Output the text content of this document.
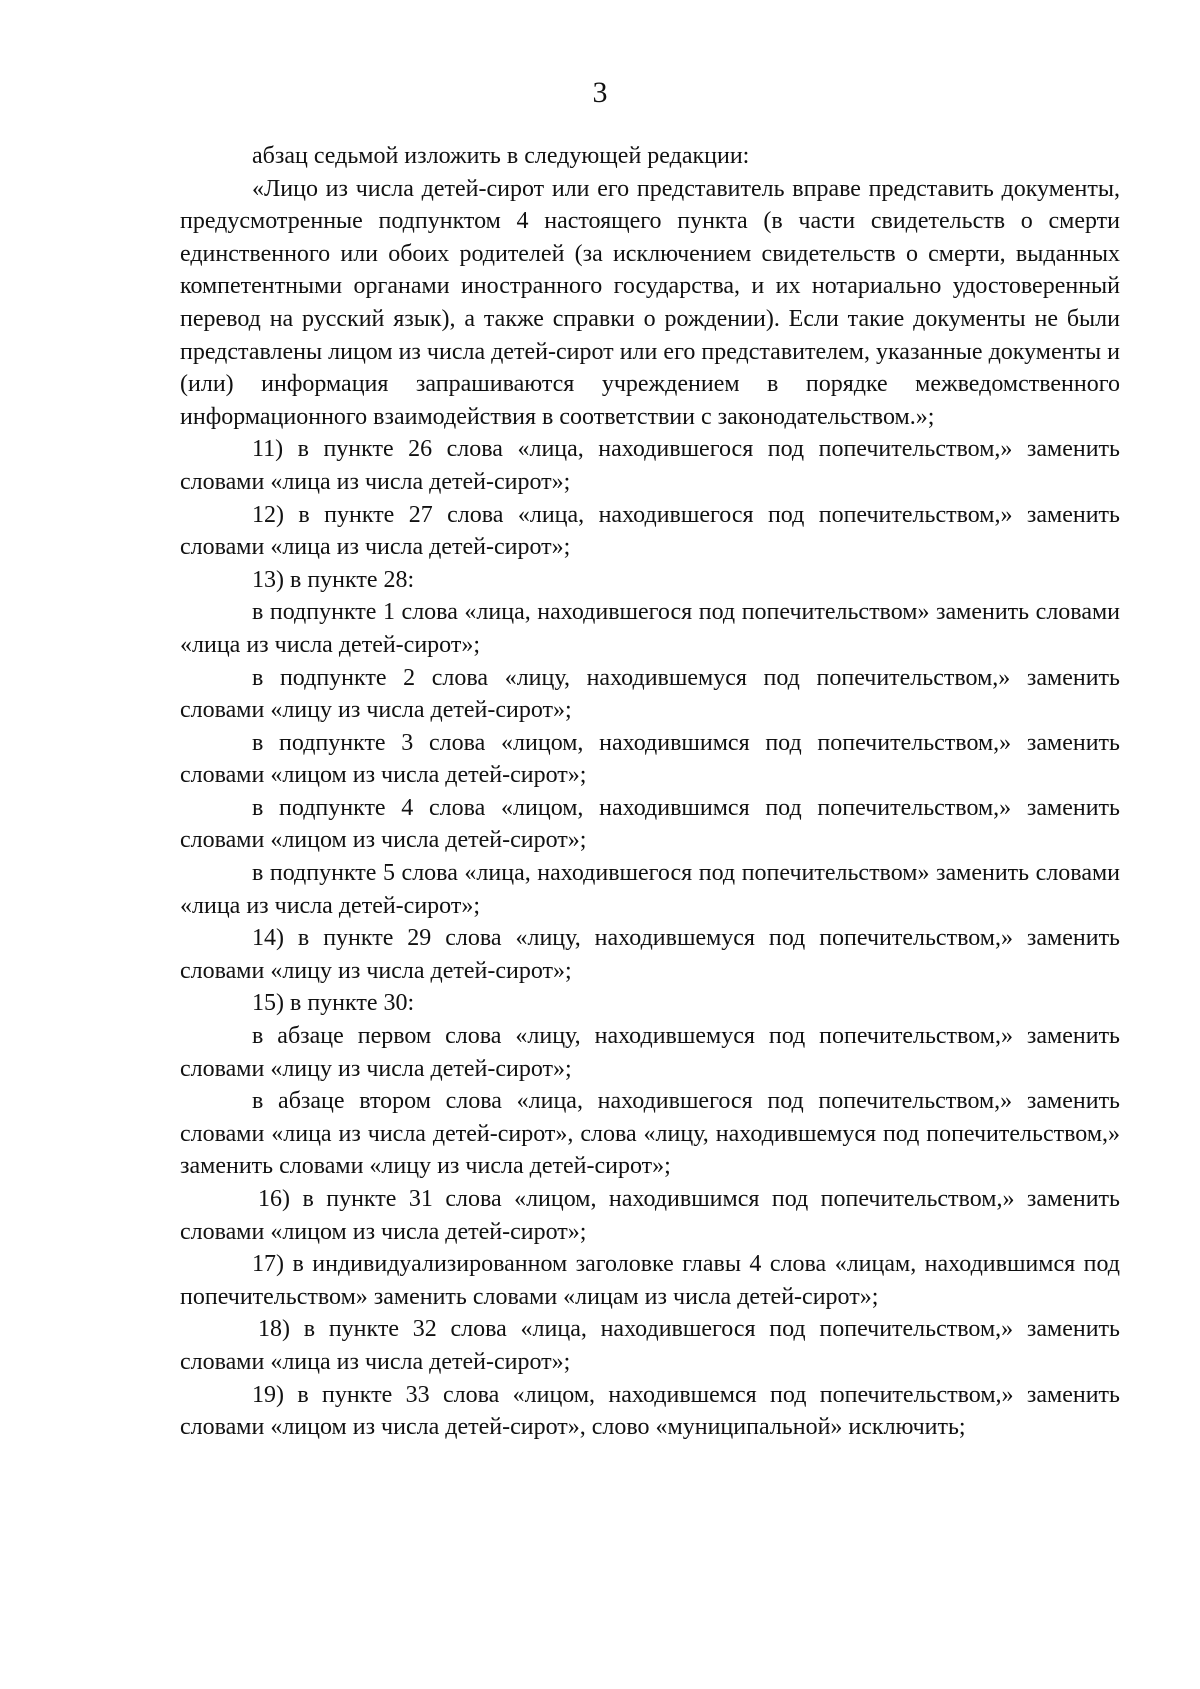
3

абзац седьмой изложить в следующей редакции:

«Лицо из числа детей-сирот или его представитель вправе представить документы, предусмотренные подпунктом 4 настоящего пункта (в части свидетельств о смерти единственного или обоих родителей (за исключением свидетельств о смерти, выданных компетентными органами иностранного государства, и их нотариально удостоверенный перевод на русский язык), а также справки о рождении). Если такие документы не были представлены лицом из числа детей-сирот или его представителем, указанные документы и (или) информация запрашиваются учреждением в порядке межведомственного информационного взаимодействия в соответствии с законодательством.»;

11) в пункте 26 слова «лица, находившегося под попечительством,» заменить словами «лица из числа детей-сирот»;

12) в пункте 27 слова «лица, находившегося под попечительством,» заменить словами «лица из числа детей-сирот»;

13) в пункте 28:

в подпункте 1 слова «лица, находившегося под попечительством» заменить словами «лица из числа детей-сирот»;

в подпункте 2 слова «лицу, находившемуся под попечительством,» заменить словами «лицу из числа детей-сирот»;

в подпункте 3 слова «лицом, находившимся под попечительством,» заменить словами «лицом из числа детей-сирот»;

в подпункте 4 слова «лицом, находившимся под попечительством,» заменить словами «лицом из числа детей-сирот»;

в подпункте 5 слова «лица, находившегося под попечительством» заменить словами «лица из числа детей-сирот»;

14) в пункте 29 слова «лицу, находившемуся под попечительством,» заменить словами «лицу из числа детей-сирот»;

15) в пункте 30:

в абзаце первом слова «лицу, находившемуся под попечительством,» заменить словами «лицу из числа детей-сирот»;

в абзаце втором слова «лица, находившегося под попечительством,» заменить словами «лица из числа детей-сирот», слова «лицу, находившемуся под попечительством,» заменить словами «лицу из числа детей-сирот»;

16) в пункте 31 слова «лицом, находившимся под попечительством,» заменить словами «лицом из числа детей-сирот»;

17) в индивидуализированном заголовке главы 4 слова «лицам, находившимся под попечительством» заменить словами «лицам из числа детей-сирот»;

18) в пункте 32 слова «лица, находившегося под попечительством,» заменить словами «лица из числа детей-сирот»;

19) в пункте 33 слова «лицом, находившемся под попечительством,» заменить словами «лицом из числа детей-сирот», слово «муниципальной» исключить;
